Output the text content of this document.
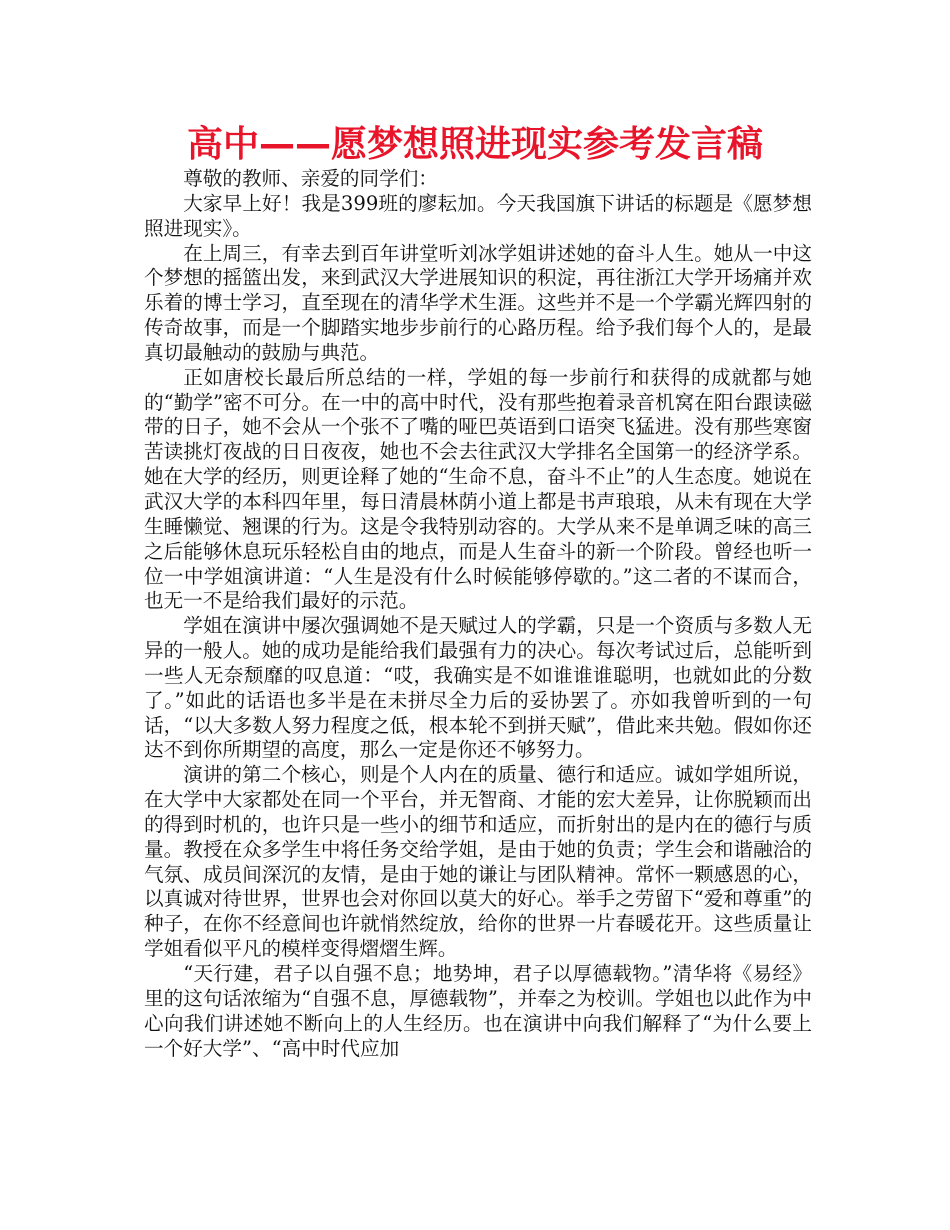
高中——愿梦想照进现实参考发言稿

尊敬的教师、亲爱的同学们：

大家早上好！我是399班的廖耘加。今天我国旗下讲话的标题是《愿梦想照进现实》。

在上周三，有幸去到百年讲堂听刘冰学姐讲述她的奋斗人生。她从一中这个梦想的摇篮出发，来到武汉大学进展知识的积淀，再往浙江大学开场痛并欢乐着的博士学习，直至现在的清华学术生涯。这些并不是一个学霸光辉四射的传奇故事，而是一个脚踏实地步步前行的心路历程。给予我们每个人的，是最真切最触动的鼓励与典范。

正如唐校长最后所总结的一样，学姐的每一步前行和获得的成就都与她的“勤学”密不可分。在一中的高中时代，没有那些抱着录音机窝在阳台跟读磁带的日子，她不会从一个张不了嘴的哑巴英语到口语突飞猛进。没有那些寒窗苦读挑灯夜战的日日夜夜，她也不会去往武汉大学排名全国第一的经济学系。她在大学的经历，则更诠释了她的“生命不息，奋斗不止”的人生态度。她说在武汉大学的本科四年里，每日清晨林荫小道上都是书声琅琅，从未有现在大学生睡懒觉、翘课的行为。这是令我特别动容的。大学从来不是单调乏味的高三之后能够休息玩乐轻松自由的地点，而是人生奋斗的新一个阶段。曾经也听一位一中学姐演讲道：“人生是没有什么时候能够停歇的。”这二者的不谋而合，也无一不是给我们最好的示范。

学姐在演讲中屡次强调她不是天赋过人的学霸，只是一个资质与多数人无异的一般人。她的成功是能给我们最强有力的决心。每次考试过后，总能听到一些人无奈颓靡的叹息道：“哎，我确实是不如谁谁谁聪明，也就如此的分数了。”如此的话语也多半是在未拼尽全力后的妥协罢了。亦如我曾听到的一句话，“以大多数人努力程度之低，根本轮不到拼天赋”，借此来共勉。假如你还达不到你所期望的高度，那么一定是你还不够努力。

演讲的第二个核心，则是个人内在的质量、德行和适应。诚如学姐所说，在大学中大家都处在同一个平台，并无智商、才能的宏大差异，让你脱颖而出的得到时机的，也许只是一些小的细节和适应，而折射出的是内在的德行与质量。教授在众多学生中将任务交给学姐，是由于她的负责；学生会和谐融洽的气氛、成员间深沉的友情，是由于她的谦让与团队精神。常怀一颗感恩的心，以真诚对待世界，世界也会对你回以莫大的好心。举手之劳留下“爱和尊重”的种子，在你不经意间也许就悄然绽放，给你的世界一片春暖花开。这些质量让学姐看似平凡的模样变得熠熠生辉。

“天行建，君子以自强不息；地势坤，君子以厚德载物。”清华将《易经》里的这句话浓缩为“自强不息，厚德载物”，并奉之为校训。学姐也以此作为中心向我们讲述她不断向上的人生经历。也在演讲中向我们解释了“为什么要上一个好大学”、“高中时代应加
